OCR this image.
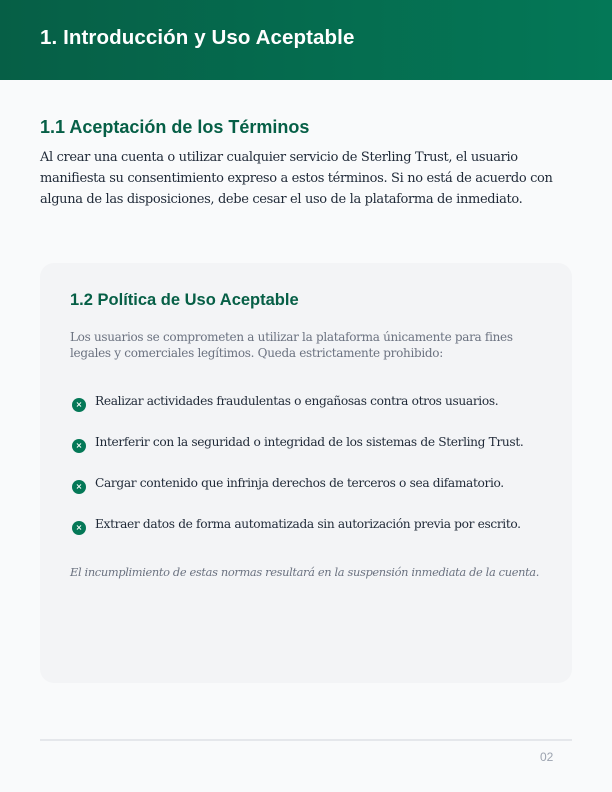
1. Introducción y Uso Aceptable
1.1 Aceptación de los Términos
Al crear una cuenta o utilizar cualquier servicio de Sterling Trust, el usuario manifiesta su consentimiento expreso a estos términos. Si no está de acuerdo con alguna de las disposiciones, debe cesar el uso de la plataforma de inmediato.
1.2 Política de Uso Aceptable
Los usuarios se comprometen a utilizar la plataforma únicamente para fines legales y comerciales legítimos. Queda estrictamente prohibido:
× Realizar actividades fraudulentas o engañosas contra otros usuarios.
× Interferir con la seguridad o integridad de los sistemas de Sterling Trust.
× Cargar contenido que infrinja derechos de terceros o sea difamatorio.
× Extraer datos de forma automatizada sin autorización previa por escrito.
El incumplimiento de estas normas resultará en la suspensión inmediata de la cuenta.
02
